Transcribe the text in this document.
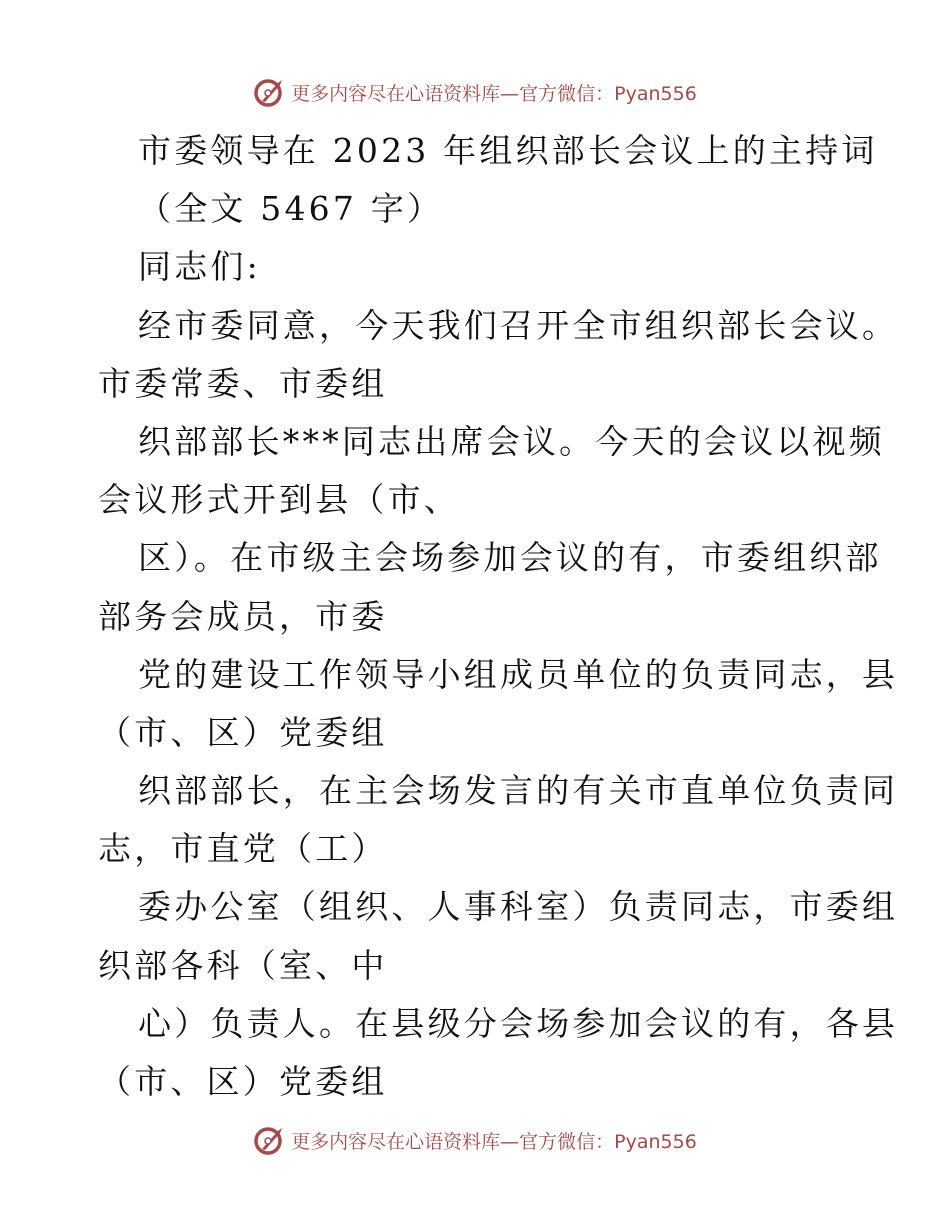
更多内容尽在心语资料库—官方微信：Pyan556
市委领导在 2023 年组织部长会议上的主持词
（全文 5467 字）
同志们:
经市委同意，今天我们召开全市组织部长会议。
市委常委、市委组
织部部长***同志出席会议。今天的会议以视频
会议形式开到县（市、
区）。在市级主会场参加会议的有，市委组织部
部务会成员，市委
党的建设工作领导小组成员单位的负责同志，县
（市、区）党委组
织部部长，在主会场发言的有关市直单位负责同
志，市直党（工）
委办公室（组织、人事科室）负责同志，市委组
织部各科（室、中
心）负责人。在县级分会场参加会议的有，各县
（市、区）党委组
更多内容尽在心语资料库—官方微信：Pyan556
